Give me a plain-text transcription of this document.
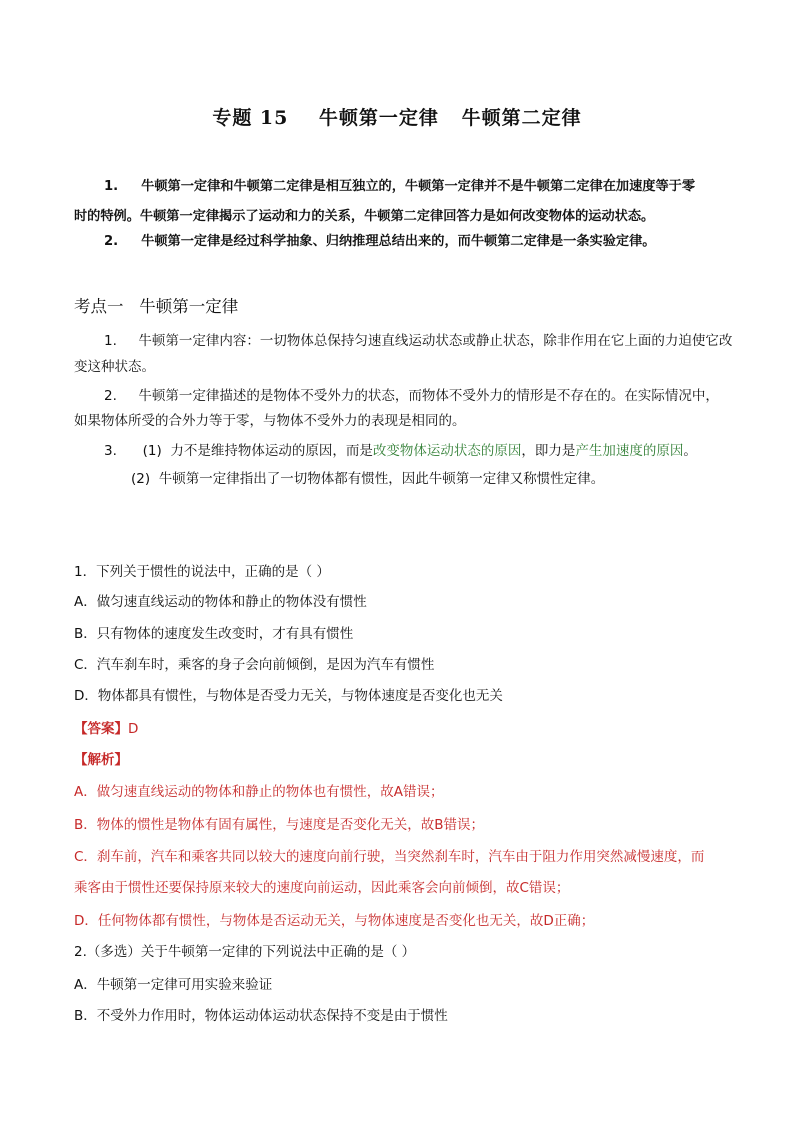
专题 15    牛顿第一定律   牛顿第二定律
1. 牛顿第一定律和牛顿第二定律是相互独立的，牛顿第一定律并不是牛顿第二定律在加速度等于零
时的特例。牛顿第一定律揭示了运动和力的关系，牛顿第二定律回答力是如何改变物体的运动状态。
2. 牛顿第一定律是经过科学抽象、归纳推理总结出来的，而牛顿第二定律是一条实验定律。
考点一   牛顿第一定律
1. 牛顿第一定律内容：一切物体总保持匀速直线运动状态或静止状态，除非作用在它上面的力迫使它改
变这种状态。
2. 牛顿第一定律描述的是物体不受外力的状态，而物体不受外力的情形是不存在的。在实际情况中，
如果物体所受的合外力等于零，与物体不受外力的表现是相同的。
3. (1) 力不是维持物体运动的原因，而是改变物体运动状态的原因，即力是产生加速度的原因。
(2) 牛顿第一定律指出了一切物体都有惯性，因此牛顿第一定律又称惯性定律。
1．下列关于惯性的说法中，正确的是（ ）
A．做匀速直线运动的物体和静止的物体没有惯性
B．只有物体的速度发生改变时，才有具有惯性
C．汽车刹车时，乘客的身子会向前倾倒，是因为汽车有惯性
D．物体都具有惯性，与物体是否受力无关，与物体速度是否变化也无关
【答案】D
【解析】
A．做匀速直线运动的物体和静止的物体也有惯性，故A错误；
B．物体的惯性是物体有固有属性，与速度是否变化无关，故B错误；
C．刹车前，汽车和乘客共同以较大的速度向前行驶，当突然刹车时，汽车由于阻力作用突然减慢速度，而
乘客由于惯性还要保持原来较大的速度向前运动，因此乘客会向前倾倒，故C错误；
D．任何物体都有惯性，与物体是否运动无关，与物体速度是否变化也无关，故D正确；
2.（多选）关于牛顿第一定律的下列说法中正确的是（ ）
A．牛顿第一定律可用实验来验证
B．不受外力作用时，物体运动体运动状态保持不变是由于惯性
